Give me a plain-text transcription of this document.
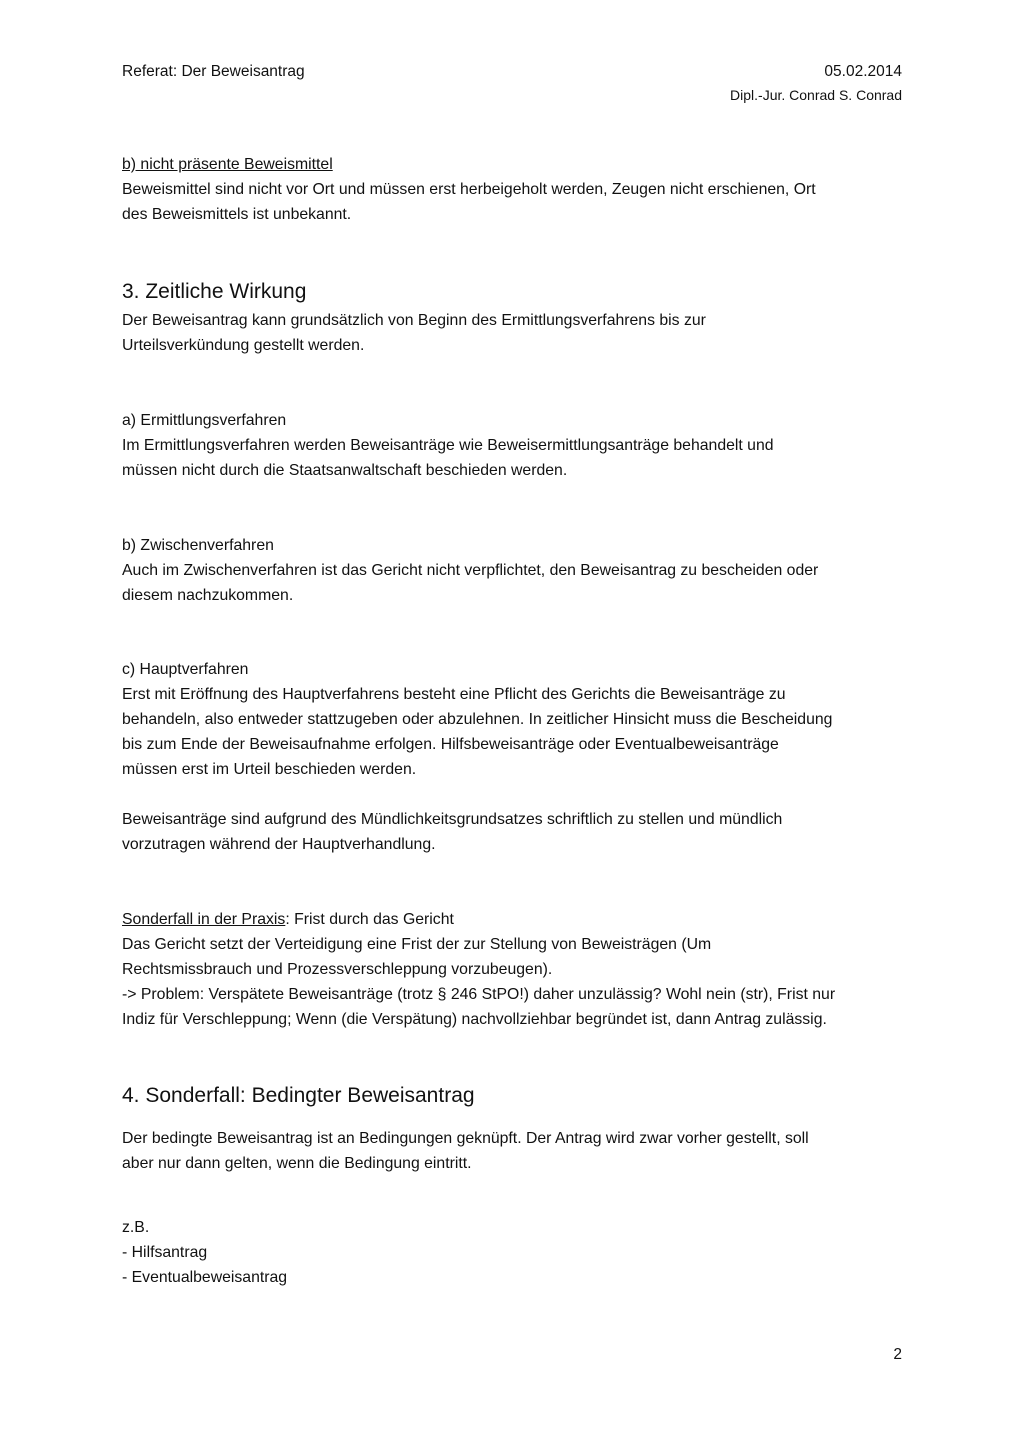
Referat: Der Beweisantrag	05.02.2014
Dipl.-Jur. Conrad S. Conrad
b) nicht präsente Beweismittel
Beweismittel sind nicht vor Ort und müssen erst herbeigeholt werden, Zeugen nicht erschienen, Ort
des Beweismittels ist unbekannt.
3. Zeitliche Wirkung
Der Beweisantrag kann grundsätzlich von Beginn des Ermittlungsverfahrens bis zur
Urteilsverkündung gestellt werden.
a) Ermittlungsverfahren
Im Ermittlungsverfahren werden Beweisanträge wie Beweisermittlungsanträge behandelt und
müssen nicht durch die Staatsanwaltschaft beschieden werden.
b) Zwischenverfahren
Auch im Zwischenverfahren ist das Gericht nicht verpflichtet, den Beweisantrag zu bescheiden oder
diesem nachzukommen.
c) Hauptverfahren
Erst mit Eröffnung des Hauptverfahrens besteht eine Pflicht des Gerichts die Beweisanträge zu
behandeln, also entweder stattzugeben oder abzulehnen. In zeitlicher Hinsicht muss die Bescheidung
bis zum Ende der Beweisaufnahme erfolgen. Hilfsbeweisanträge oder Eventualbeweisanträge
müssen erst im Urteil beschieden werden.
Beweisanträge sind aufgrund des Mündlichkeitsgrundsatzes schriftlich zu stellen und mündlich
vorzutragen während der Hauptverhandlung.
Sonderfall in der Praxis: Frist durch das Gericht
Das Gericht setzt der Verteidigung eine Frist der zur Stellung von Beweisträgen (Um
Rechtsmissbrauch und Prozessverschleppung vorzubeugen).
-> Problem: Verspätete Beweisanträge (trotz § 246 StPO!) daher unzulässig? Wohl nein (str), Frist nur
Indiz für Verschleppung; Wenn (die Verspätung) nachvollziehbar begründet ist, dann Antrag zulässig.
4. Sonderfall: Bedingter Beweisantrag
Der bedingte Beweisantrag ist an Bedingungen geknüpft. Der Antrag wird zwar vorher gestellt, soll
aber nur dann gelten, wenn die Bedingung eintritt.
z.B.
- Hilfsantrag
- Eventualbeweisantrag
2
